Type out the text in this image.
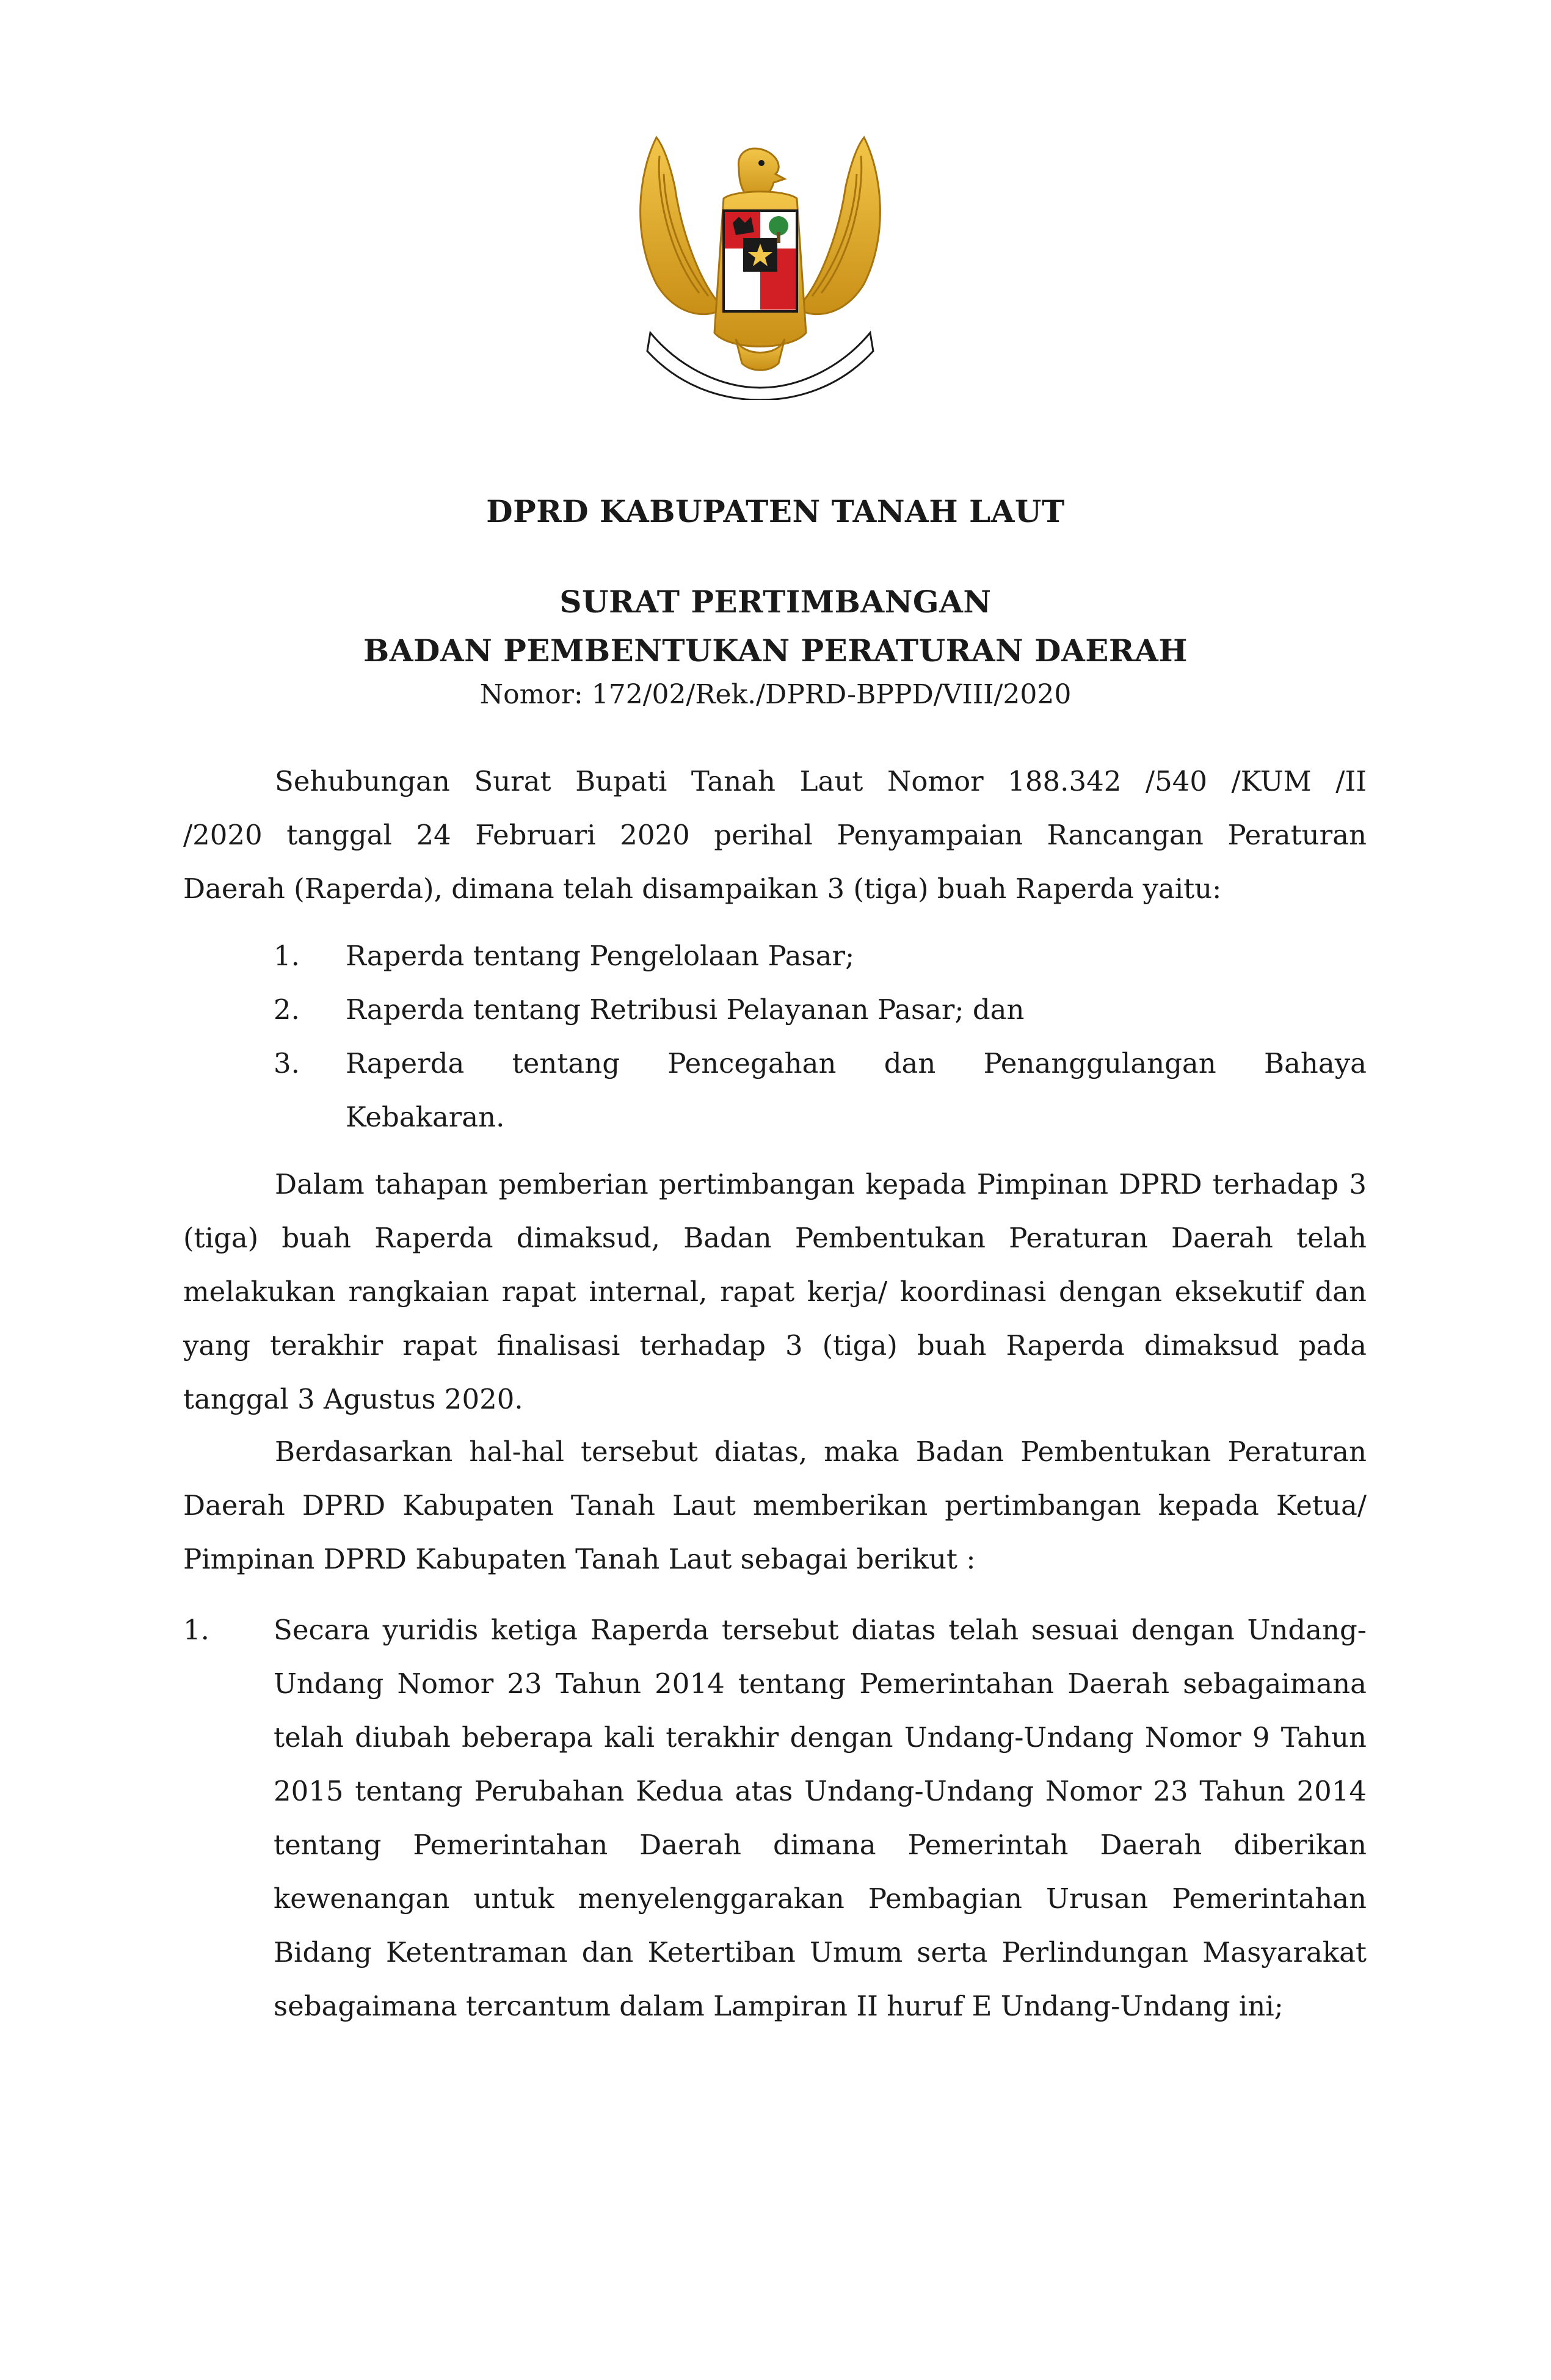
DPRD KABUPATEN TANAH LAUT
SURAT PERTIMBANGAN
BADAN PEMBENTUKAN PERATURAN DAERAH
Nomor: 172/02/Rek./DPRD-BPPD/VIII/2020

Sehubungan Surat Bupati Tanah Laut Nomor 188.342 /540 /KUM /II

/2020 tanggal 24 Februari 2020 perihal Penyampaian Rancangan Peraturan

Daerah (Raperda), dimana telah disampaikan 3 (tiga) buah Raperda yaitu:

1.	Raperda tentang Pengelolaan Pasar;
2.	Raperda tentang Retribusi Pelayanan Pasar; dan
3.	Raperda tentang Pencegahan dan Penanggulangan Bahaya Kebakaran.

Dalam tahapan pemberian pertimbangan kepada Pimpinan DPRD terhadap 3 (tiga) buah Raperda dimaksud, Badan Pembentukan Peraturan Daerah telah melakukan rangkaian rapat internal, rapat kerja/ koordinasi dengan eksekutif dan yang terakhir rapat finalisasi terhadap 3 (tiga) buah Raperda dimaksud pada tanggal 3 Agustus 2020.

Berdasarkan hal-hal tersebut diatas, maka Badan Pembentukan Peraturan Daerah DPRD Kabupaten Tanah Laut memberikan pertimbangan kepada Ketua/ Pimpinan DPRD Kabupaten Tanah Laut sebagai berikut :

1.	Secara yuridis ketiga Raperda tersebut diatas telah sesuai dengan Undang-Undang Nomor 23 Tahun 2014 tentang Pemerintahan Daerah sebagaimana telah diubah beberapa kali terakhir dengan Undang-Undang Nomor 9 Tahun 2015 tentang Perubahan Kedua atas Undang-Undang Nomor 23 Tahun 2014 tentang Pemerintahan Daerah dimana Pemerintah Daerah diberikan kewenangan untuk menyelenggarakan Pembagian Urusan Pemerintahan Bidang Ketentraman dan Ketertiban Umum serta Perlindungan Masyarakat sebagaimana tercantum dalam Lampiran II huruf E Undang-Undang ini;
